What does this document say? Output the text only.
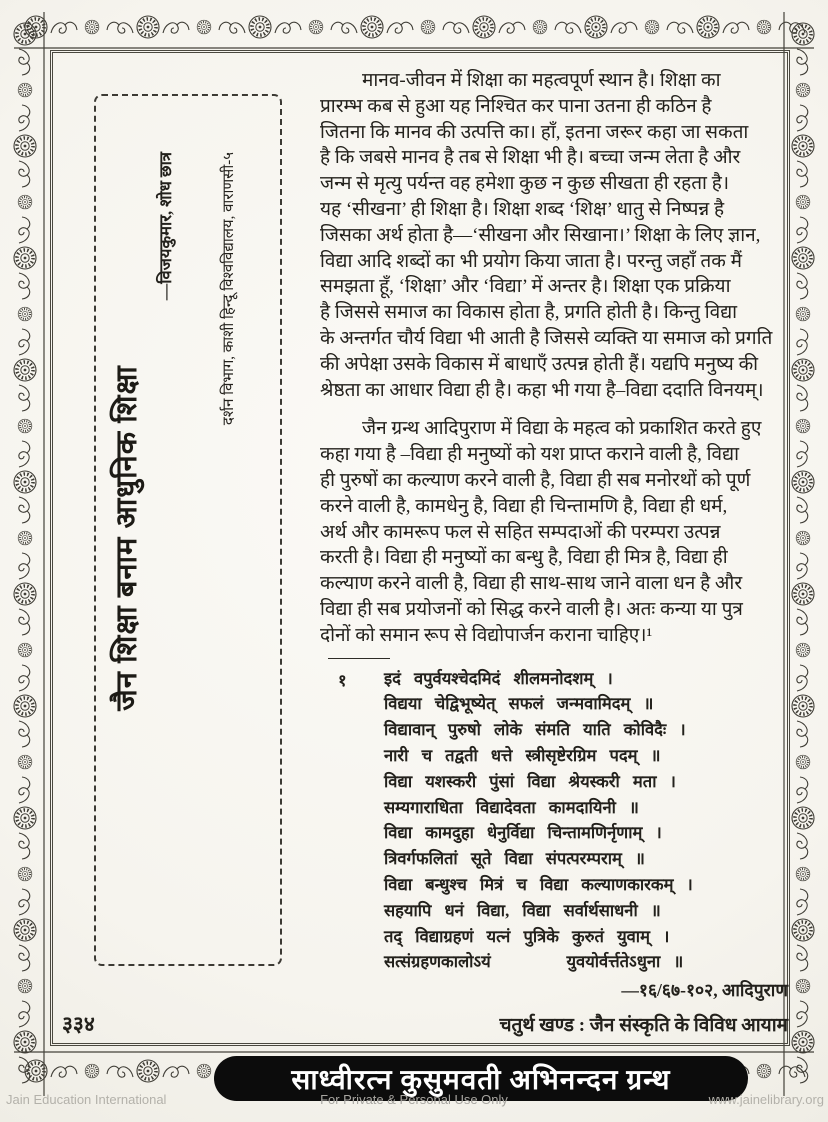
जैन शिक्षा बनाम आधुनिक शिक्षा
—विजयकुमार, शोध छात्र	दर्शन विभाग, काशी हिन्दू विश्वविद्यालय, वाराणसी-५

मानव-जीवन में शिक्षा का महत्वपूर्ण स्थान है। शिक्षा का
प्रारम्भ कब से हुआ यह निश्चित कर पाना उतना ही कठिन है
जितना कि मानव की उत्पत्ति का। हाँ, इतना जरूर कहा जा सकता
है कि जबसे मानव है तब से शिक्षा भी है। बच्चा जन्म लेता है और
जन्म से मृत्यु पर्यन्त वह हमेशा कुछ न कुछ सीखता ही रहता है।
यह ‘सीखना’ ही शिक्षा है। शिक्षा शब्द ‘शिक्ष’ धातु से निष्पन्न है
जिसका अर्थ होता है—‘सीखना और सिखाना।’ शिक्षा के लिए ज्ञान,
विद्या आदि शब्दों का भी प्रयोग किया जाता है। परन्तु जहाँ तक मैं
समझता हूँ, ‘शिक्षा’ और ‘विद्या’ में अन्तर है। शिक्षा एक प्रक्रिया
है जिससे समाज का विकास होता है, प्रगति होती है। किन्तु विद्या
के अन्तर्गत चौर्य विद्या भी आती है जिससे व्यक्ति या समाज को प्रगति
की अपेक्षा उसके विकास में बाधाएँ उत्पन्न होती हैं। यद्यपि मनुष्य की
श्रेष्ठता का आधार विद्या ही है। कहा भी गया है–विद्या ददाति विनयम्।

जैन ग्रन्थ आदिपुराण में विद्या के महत्व को प्रकाशित करते हुए
कहा गया है –विद्या ही मनुष्यों को यश प्राप्त कराने वाली है, विद्या
ही पुरुषों का कल्याण करने वाली है, विद्या ही सब मनोरथों को पूर्ण
करने वाली है, कामधेनु है, विद्या ही चिन्तामणि है, विद्या ही धर्म,
अर्थ और कामरूप फल से सहित सम्पदाओं की परम्परा उत्पन्न
करती है। विद्या ही मनुष्यों का बन्धु है, विद्या ही मित्र है, विद्या ही
कल्याण करने वाली है, विद्या ही साथ-साथ जाने वाला धन है और
विद्या ही सब प्रयोजनों को सिद्ध करने वाली है। अतः कन्या या पुत्र
दोनों को समान रूप से विद्योपार्जन कराना चाहिए।¹

१	इदं वपुर्वयश्चेदमिदं शीलमनोदशम् ।
विद्यया चेद्विभूष्येत् सफलं जन्मवामिदम् ॥
विद्यावान् पुरुषो लोके संमति याति कोविदैः ।
नारी च तद्वती धत्ते स्त्रीसृष्टेरग्रिम पदम् ॥
विद्या यशस्करी पुंसां विद्या श्रेयस्करी मता ।
सम्यगाराधिता विद्यादेवता कामदायिनी ॥
विद्या कामदुहा धेनुर्विद्या चिन्तामणिर्नृणाम् ।
त्रिवर्गफलितां सूते विद्या संपत्परम्पराम् ॥
विद्या बन्धुश्च मित्रं च विद्या कल्याणकारकम् ।
सहयापि धनं विद्या, विद्या सर्वार्थसाधनी ॥
तद् विद्याग्रहणं यत्नं पुत्रिके कुरुतं युवाम् ।
सत्संग्रहणकालोऽयं     युवयोर्वर्त्ततेऽधुना ॥
—१६/६७-१०२, आदिपुराण
३३४	चतुर्थ खण्ड : जैन संस्कृति के विविध आयाम
साध्वीरत्न कुसुमवती अभिनन्दन ग्रन्थ
Jain Education International	For Private & Personal Use Only	www.jainelibrary.org
